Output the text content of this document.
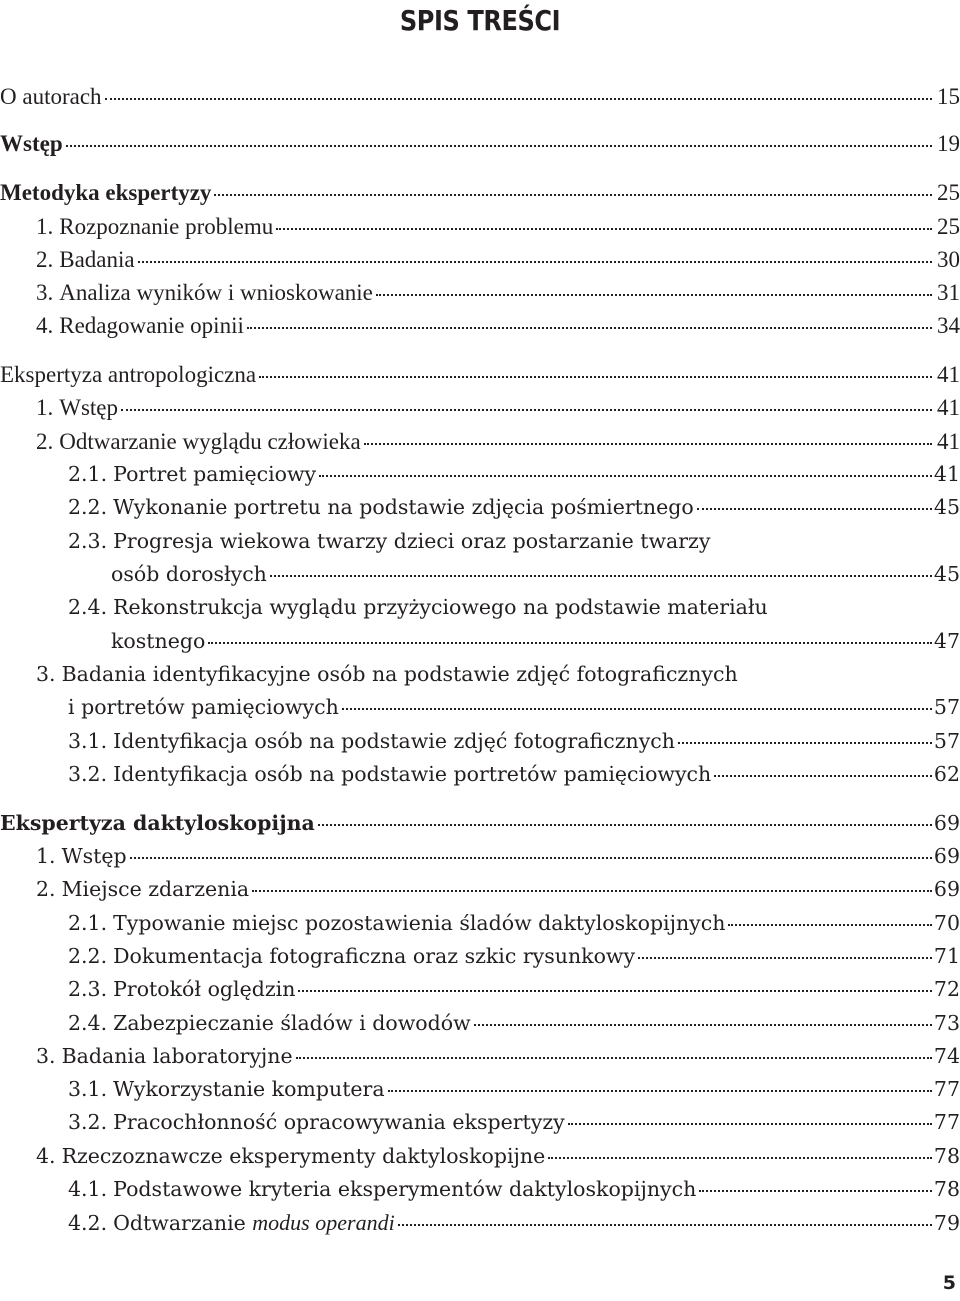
SPIS TREŚCI
O autorach	15
Wstęp	19
Metodyka ekspertyzy	25
1. Rozpoznanie problemu	25
2. Badania	30
3. Analiza wyników i wnioskowanie	31
4. Redagowanie opinii	34
Ekspertyza antropologiczna	41
1. Wstęp	41
2. Odtwarzanie wyglądu człowieka	41
2.1. Portret pamięciowy	41
2.2. Wykonanie portretu na podstawie zdjęcia pośmiertnego	45
2.3. Progresja wiekowa twarzy dzieci oraz postarzanie twarzy
osób dorosłych	45
2.4. Rekonstrukcja wyglądu przyżyciowego na podstawie materiału
kostnego	47
3. Badania identyfikacyjne osób na podstawie zdjęć fotograficznych
i portretów pamięciowych	57
3.1. Identyfikacja osób na podstawie zdjęć fotograficznych	57
3.2. Identyfikacja osób na podstawie portretów pamięciowych	62
Ekspertyza daktyloskopijna	69
1. Wstęp	69
2. Miejsce zdarzenia	69
2.1. Typowanie miejsc pozostawienia śladów daktyloskopijnych	70
2.2. Dokumentacja fotograficzna oraz szkic rysunkowy	71
2.3. Protokół oględzin	72
2.4. Zabezpieczanie śladów i dowodów	73
3. Badania laboratoryjne	74
3.1. Wykorzystanie komputera	77
3.2. Pracochłonność opracowywania ekspertyzy	77
4. Rzeczoznawcze eksperymenty daktyloskopijne	78
4.1. Podstawowe kryteria eksperymentów daktyloskopijnych	78
4.2. Odtwarzanie modus operandi	79
5
